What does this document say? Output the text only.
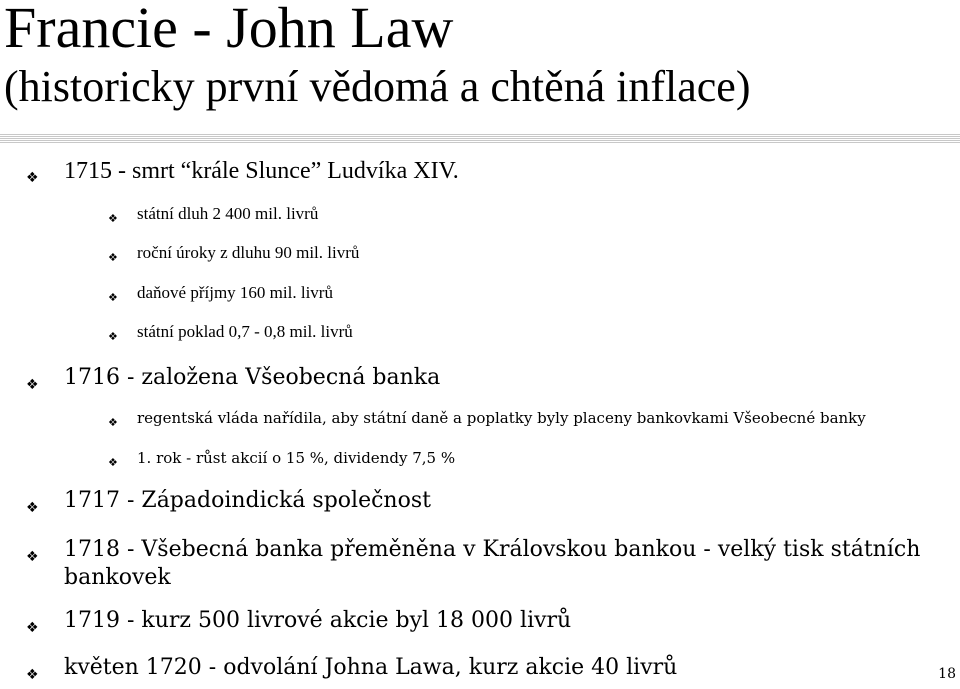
Francie - John Law
(historicky první vědomá a chtěná inflace)
❖ 1715 - smrt “krále Slunce” Ludvíka XIV.
❖ státní dluh 2 400 mil. livrů
❖ roční úroky z dluhu 90 mil. livrů
❖ daňové příjmy 160 mil. livrů
❖ státní poklad 0,7 - 0,8 mil. livrů
❖ 1716 - založena Všeobecná banka
❖ regentská vláda nařídila, aby státní daně a poplatky byly placeny bankovkami Všeobecné banky
❖ 1. rok - růst akcií o 15 %, dividendy 7,5 %
❖ 1717 - Západoindická společnost
❖ 1718 - Všebecná banka přeměněna v Královskou bankou - velký tisk státních bankovek
❖ 1719 - kurz 500 livrové akcie byl 18 000 livrů
❖ květen 1720 - odvolání Johna Lawa, kurz akcie 40 livrů	18
